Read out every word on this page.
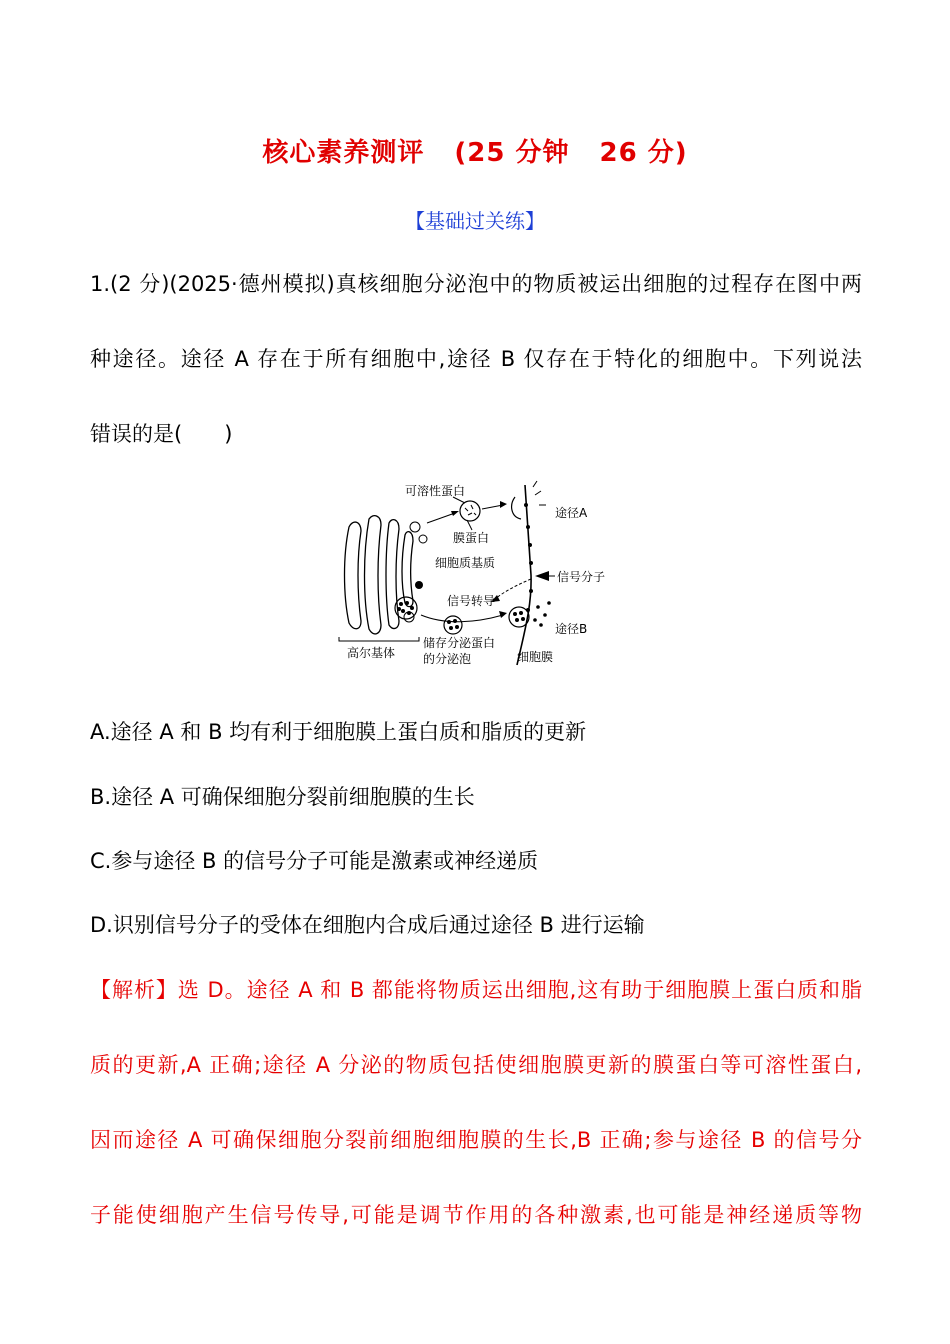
核心素养测评 (25 分钟 26 分)
【基础过关练】
1.(2 分)(2025·德州模拟)真核细胞分泌泡中的物质被运出细胞的过程存在图中两
种途径。途径 A 存在于所有细胞中,途径 B 仅存在于特化的细胞中。下列说法
错误的是(　　)
高尔基体
可溶性蛋白
膜蛋白
途径A
细胞质基质
信号分子
信号转导
途径B
储存分泌蛋白
的分泌泡	细胞膜
A.途径 A 和 B 均有利于细胞膜上蛋白质和脂质的更新
B.途径 A 可确保细胞分裂前细胞膜的生长
C.参与途径 B 的信号分子可能是激素或神经递质
D.识别信号分子的受体在细胞内合成后通过途径 B 进行运输
【解析】选 D。途径 A 和 B 都能将物质运出细胞,这有助于细胞膜上蛋白质和脂
质的更新,A 正确;途径 A 分泌的物质包括使细胞膜更新的膜蛋白等可溶性蛋白,
因而途径 A 可确保细胞分裂前细胞细胞膜的生长,B 正确;参与途径 B 的信号分
子能使细胞产生信号传导,可能是调节作用的各种激素,也可能是神经递质等物
